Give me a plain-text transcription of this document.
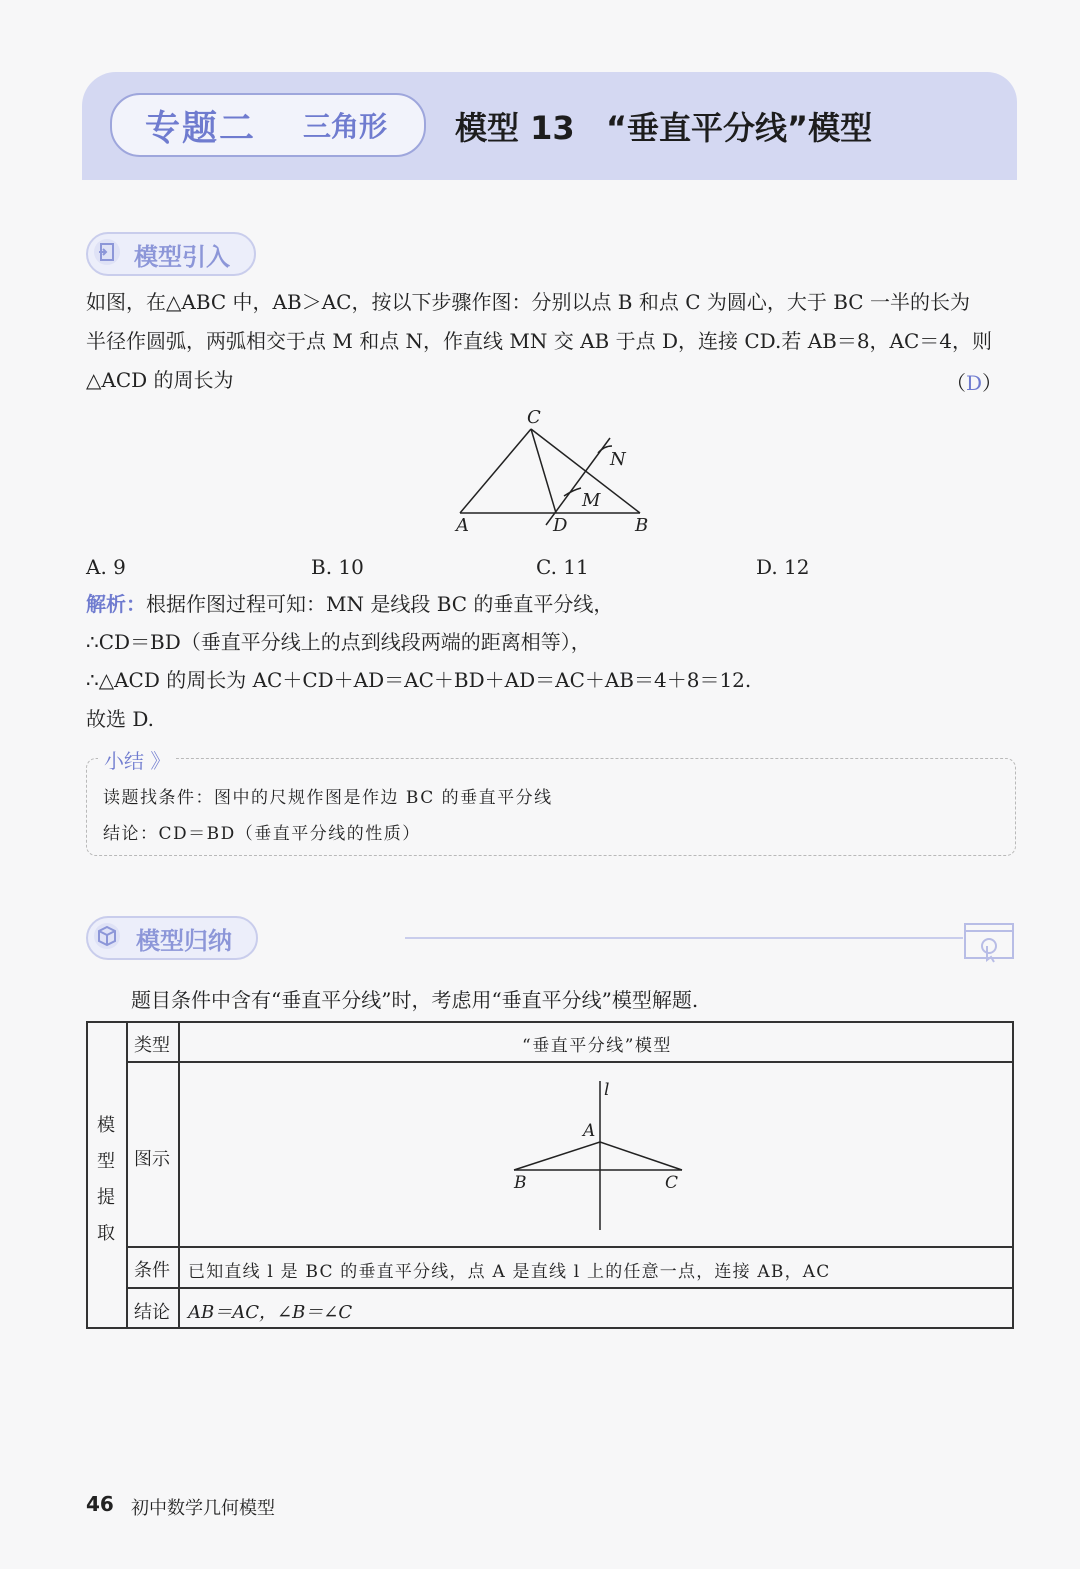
专题二 三角形 模型 13 “垂直平分线”模型
模型引入
如图，在△ABC 中，AB＞AC，按以下步骤作图：分别以点 B 和点 C 为圆心，大于 BC 一半的长为
半径作圆弧，两弧相交于点 M 和点 N，作直线 MN 交 AB 于点 D，连接 CD.若 AB＝8，AC＝4，则
△ACD 的周长为	（D）
C
N
M
A	D	B
A. 9	B. 10	C. 11	D. 12
解析：根据作图过程可知：MN 是线段 BC 的垂直平分线，
∴CD＝BD（垂直平分线上的点到线段两端的距离相等），
∴△ACD 的周长为 AC＋CD＋AD＝AC＋BD＋AD＝AC＋AB＝4＋8＝12.
故选 D.
小结 》
读题找条件：图中的尺规作图是作边 BC 的垂直平分线
结论：CD＝BD（垂直平分线的性质）
模型归纳
题目条件中含有“垂直平分线”时，考虑用“垂直平分线”模型解题.
模
型
提
取
类型	“垂直平分线”模型
图示
条件 已知直线 l 是 BC 的垂直平分线，点 A 是直线 l 上的任意一点，连接 AB，AC
结论 AB＝AC，∠B＝∠C
l
A
B	C
46 初中数学几何模型
